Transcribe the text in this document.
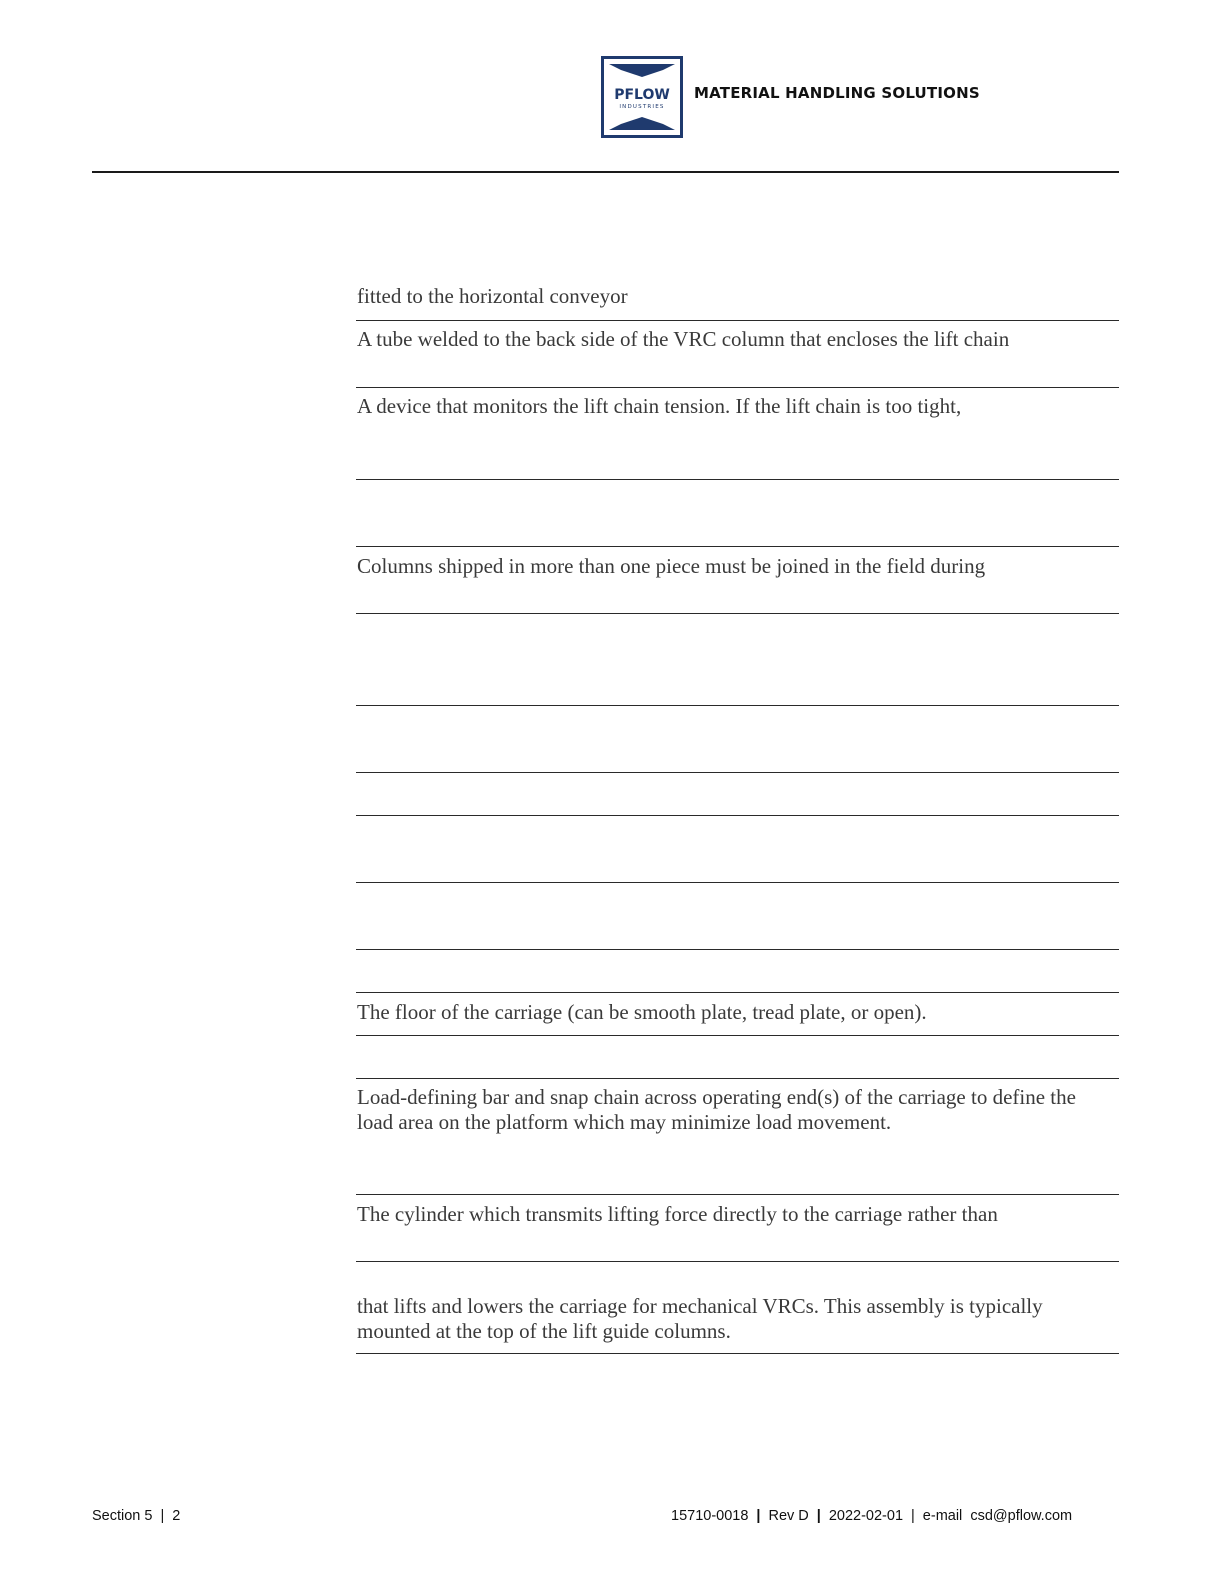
PFLOW
INDUSTRIES
MATERIAL HANDLING SOLUTIONS
fitted to the horizontal conveyor
A tube welded to the back side of the VRC column that encloses the lift chain
A device that monitors the lift chain tension. If the lift chain is too tight,
Columns shipped in more than one piece must be joined in the field during
The floor of the carriage (can be smooth plate, tread plate, or open).
Load-defining bar and snap chain across operating end(s) of the carriage to define the load area on the platform which may minimize load movement.
The cylinder which transmits lifting force directly to the carriage rather than
that lifts and lowers the carriage for mechanical VRCs. This assembly is typically mounted at the top of the lift guide columns.
Section 5 | 2	15710-0018 | Rev D | 2022-02-01 | e-mail csd@pflow.com
